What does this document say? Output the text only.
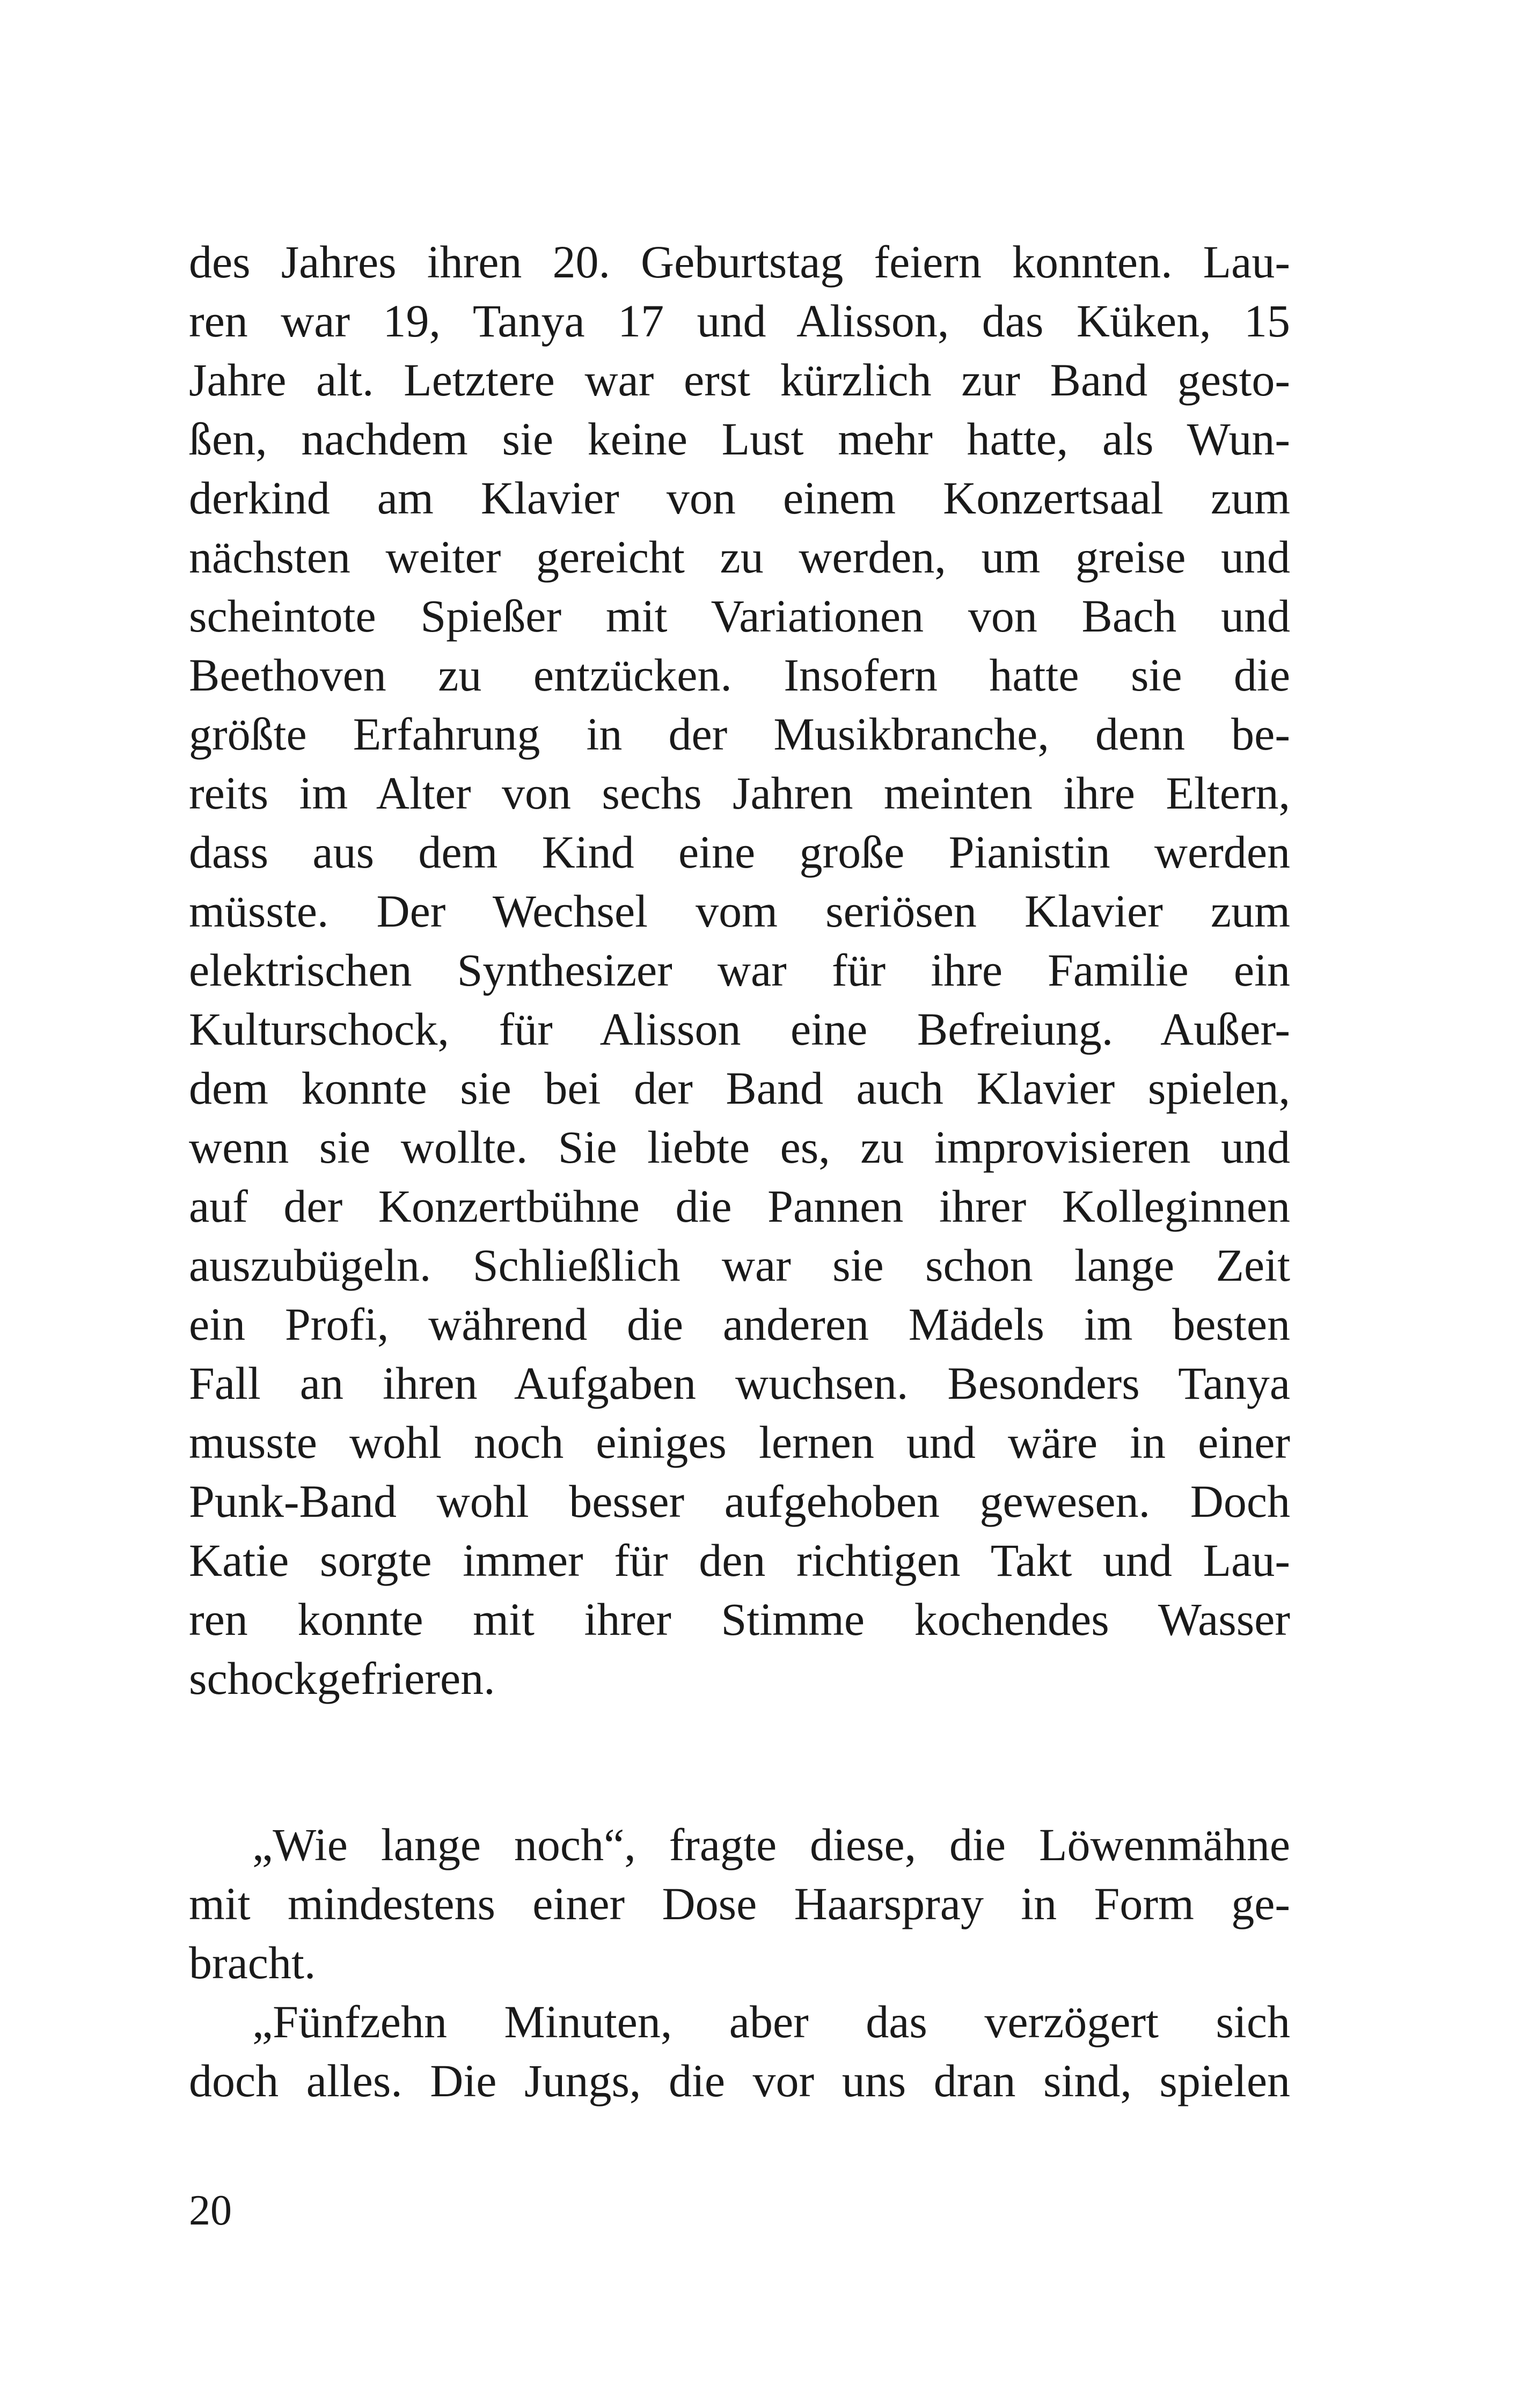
des Jahres ihren 20. Geburtstag feiern konnten. Lau-
ren war 19, Tanya 17 und Alisson, das Küken, 15
Jahre alt. Letztere war erst kürzlich zur Band gesto-
ßen, nachdem sie keine Lust mehr hatte, als Wun-
derkind am Klavier von einem Konzertsaal zum
nächsten weiter gereicht zu werden, um greise und
scheintote Spießer mit Variationen von Bach und
Beethoven zu entzücken. Insofern hatte sie die
größte Erfahrung in der Musikbranche, denn be-
reits im Alter von sechs Jahren meinten ihre Eltern,
dass aus dem Kind eine große Pianistin werden
müsste. Der Wechsel vom seriösen Klavier zum
elektrischen Synthesizer war für ihre Familie ein
Kulturschock, für Alisson eine Befreiung. Außer-
dem konnte sie bei der Band auch Klavier spielen,
wenn sie wollte. Sie liebte es, zu improvisieren und
auf der Konzertbühne die Pannen ihrer Kolleginnen
auszubügeln. Schließlich war sie schon lange Zeit
ein Profi, während die anderen Mädels im besten
Fall an ihren Aufgaben wuchsen. Besonders Tanya
musste wohl noch einiges lernen und wäre in einer
Punk-Band wohl besser aufgehoben gewesen. Doch
Katie sorgte immer für den richtigen Takt und Lau-
ren konnte mit ihrer Stimme kochendes Wasser
schockgefrieren.
„Wie lange noch“, fragte diese, die Löwenmähne
mit mindestens einer Dose Haarspray in Form ge-
bracht.
„Fünfzehn Minuten, aber das verzögert sich
doch alles. Die Jungs, die vor uns dran sind, spielen
20
